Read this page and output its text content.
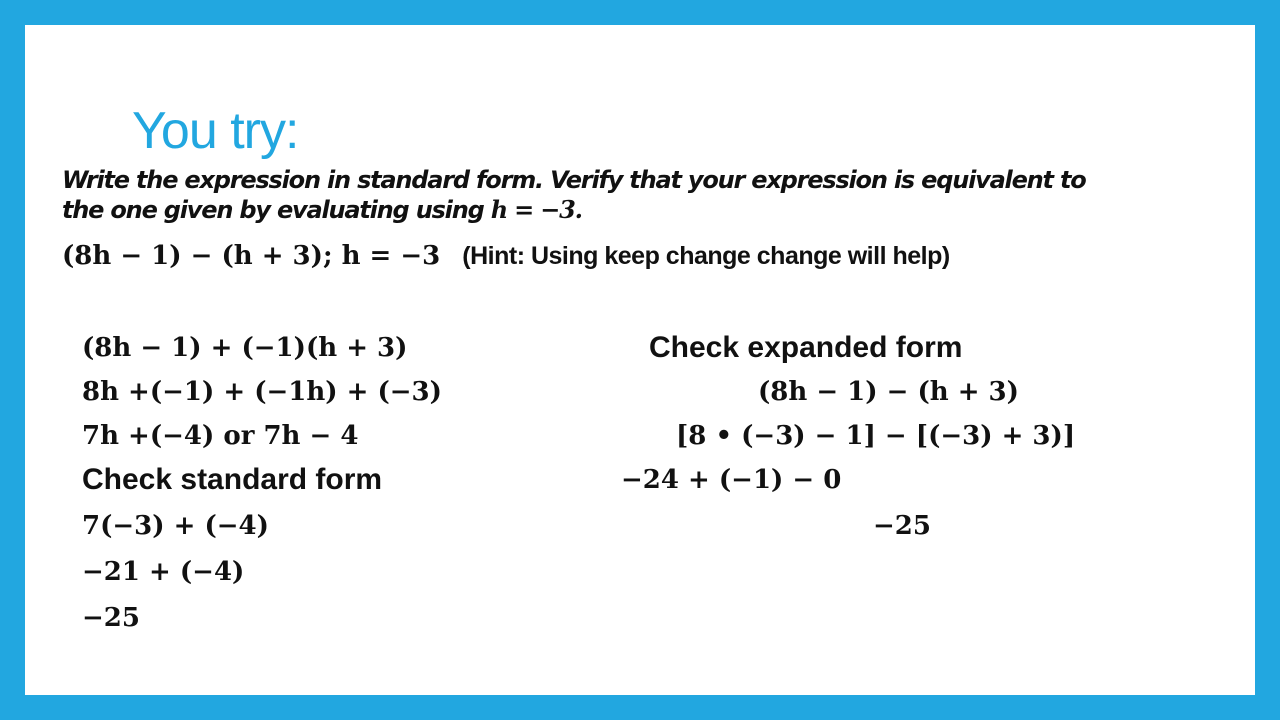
You try:
Write the expression in standard form. Verify that your expression is equivalent to
the one given by evaluating using h = −3.
(8h − 1) − (h + 3); h = −3 (Hint: Using keep change change will help)
(8h − 1) + (−1)(h + 3)
8h +(−1) + (−1h) + (−3)
7h +(−4) or 7h − 4
Check standard form
7(−3) + (−4)
−21 + (−4)
−25
Check expanded form
(8h − 1) − (h + 3)
[8 • (−3) − 1] − [(−3) + 3)]
−24 + (−1) − 0
−25
